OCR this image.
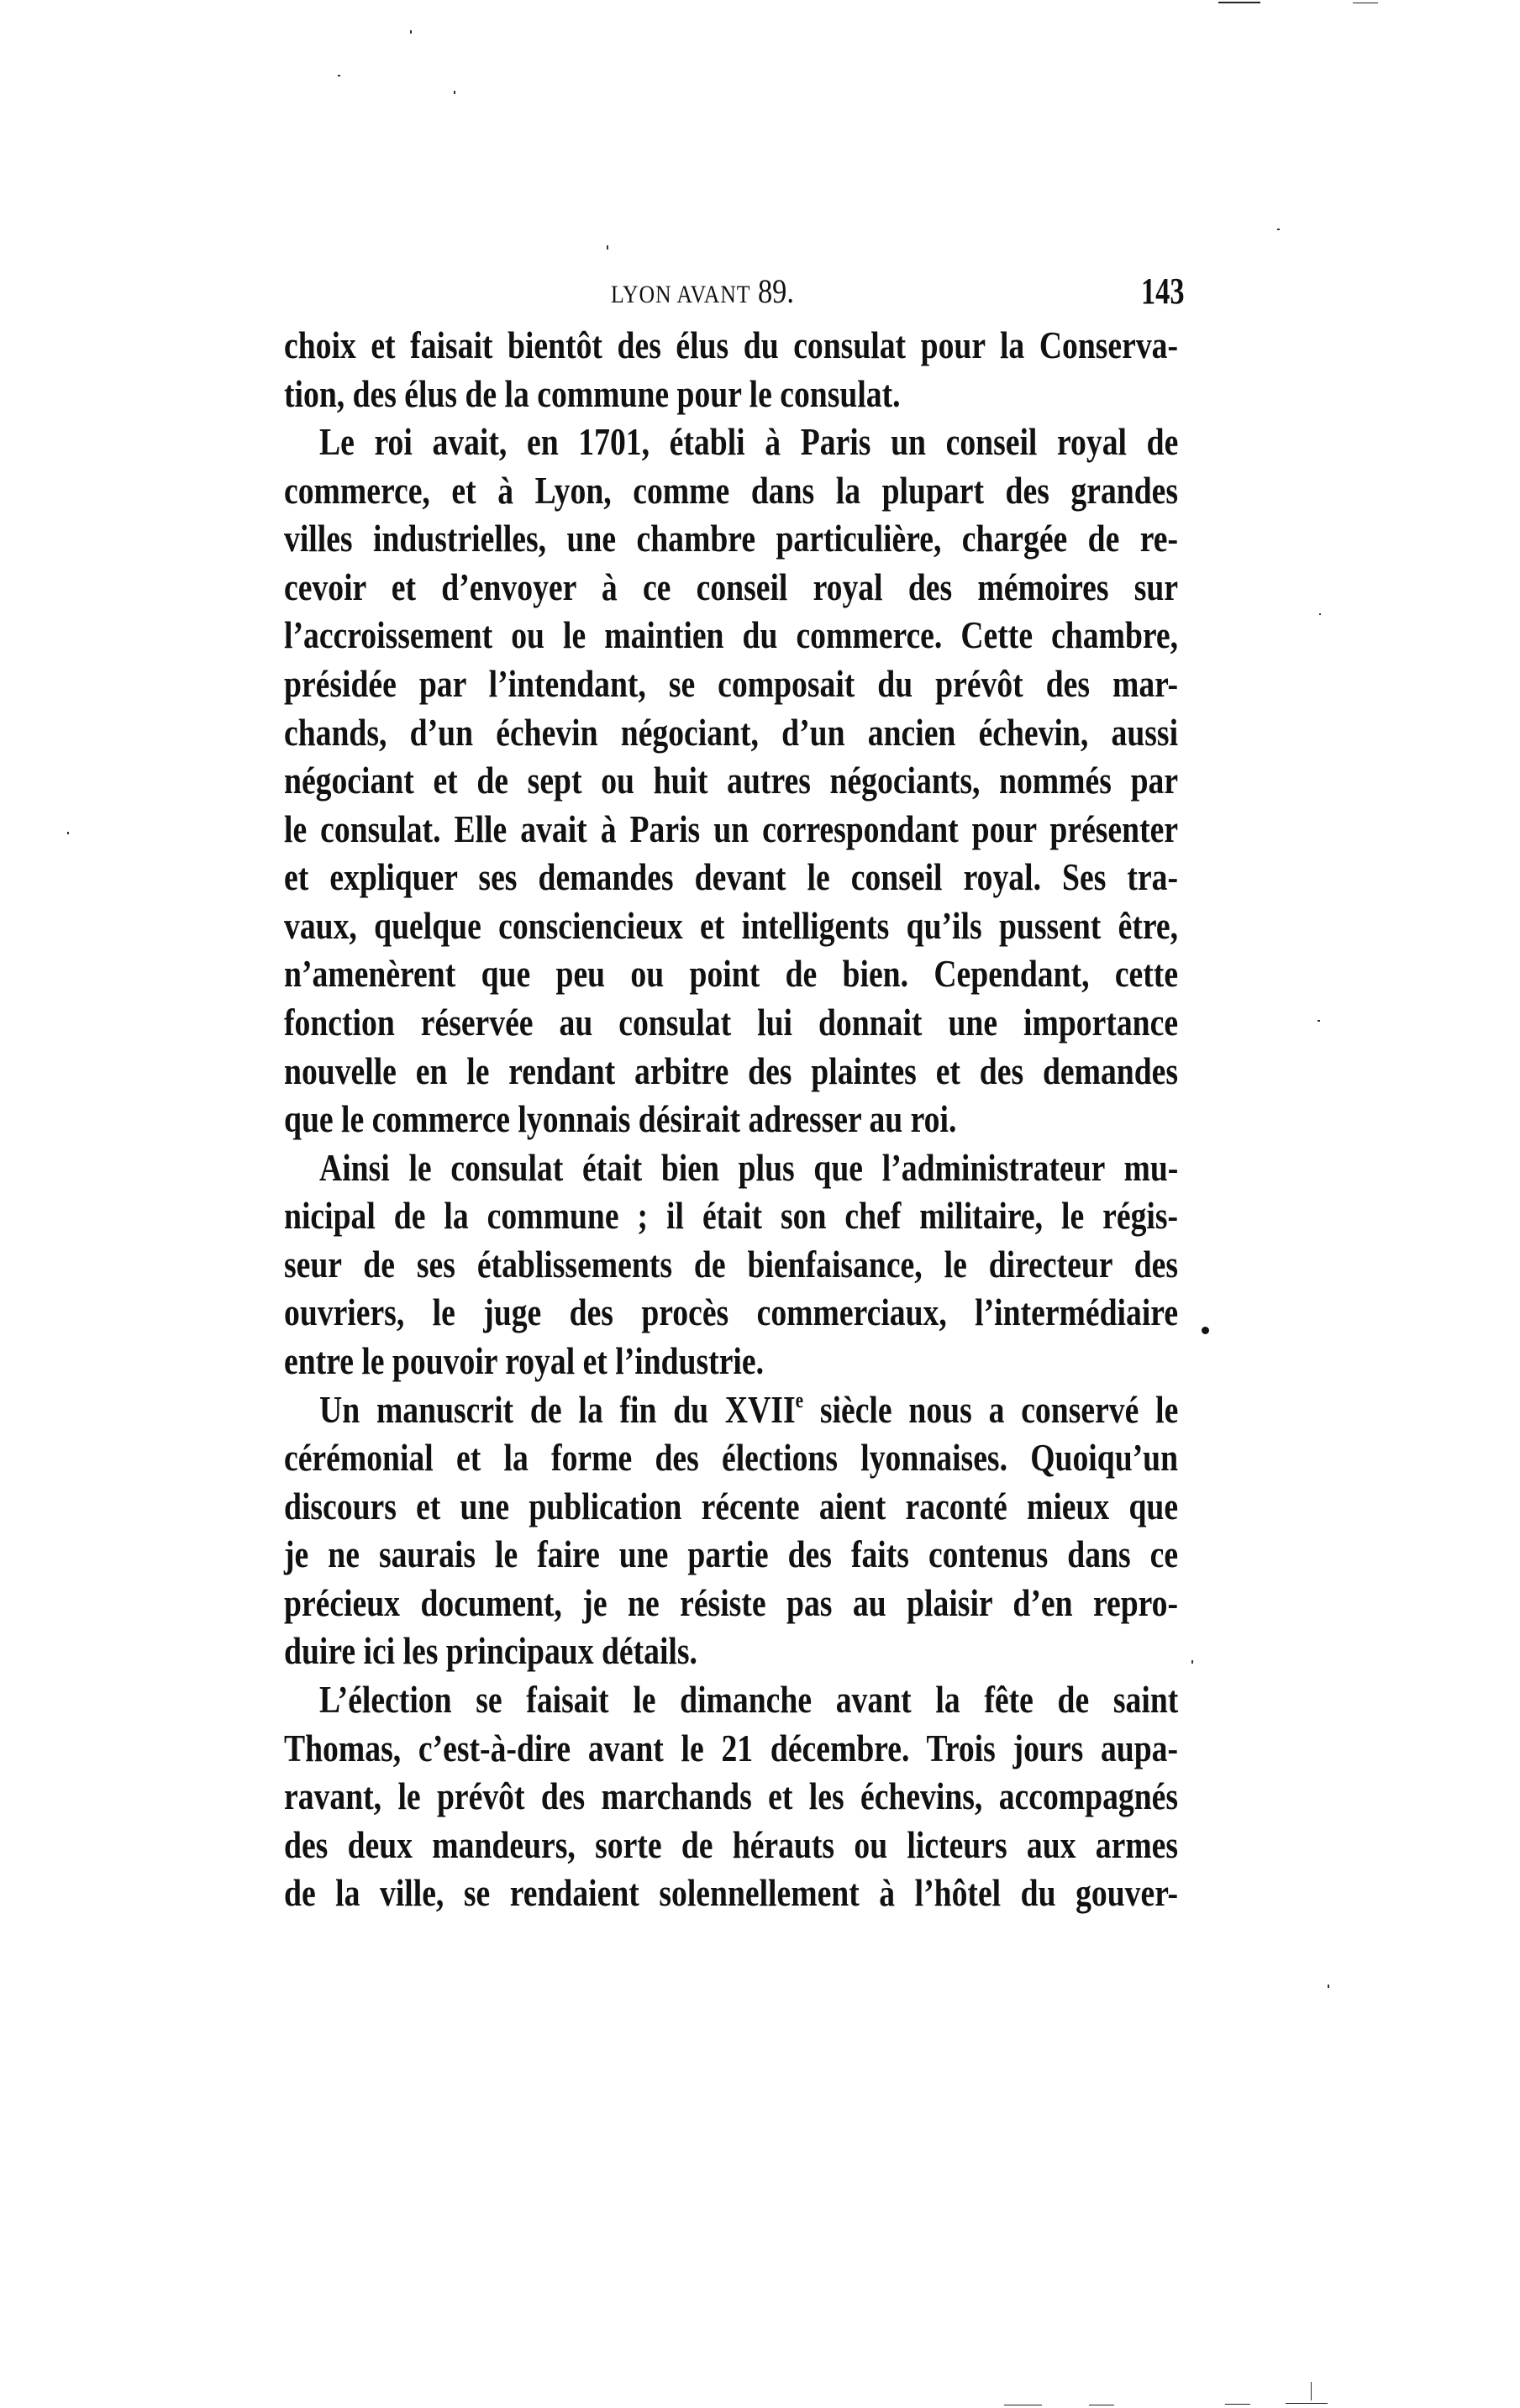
LYON AVANT 89.	143
choix et faisait bientôt des élus du consulat pour la Conserva-
tion, des élus de la commune pour le consulat.
Le roi avait, en 1701, établi à Paris un conseil royal de
commerce, et à Lyon, comme dans la plupart des grandes
villes industrielles, une chambre particulière, chargée de re-
cevoir et d’envoyer à ce conseil royal des mémoires sur
l’accroissement ou le maintien du commerce. Cette chambre,
présidée par l’intendant, se composait du prévôt des mar-
chands, d’un échevin négociant, d’un ancien échevin, aussi
négociant et de sept ou huit autres négociants, nommés par
le consulat. Elle avait à Paris un correspondant pour présenter
et expliquer ses demandes devant le conseil royal. Ses tra-
vaux, quelque consciencieux et intelligents qu’ils pussent être,
n’amenèrent que peu ou point de bien. Cependant, cette
fonction réservée au consulat lui donnait une importance
nouvelle en le rendant arbitre des plaintes et des demandes
que le commerce lyonnais désirait adresser au roi.
Ainsi le consulat était bien plus que l’administrateur mu-
nicipal de la commune ; il était son chef militaire, le régis-
seur de ses établissements de bienfaisance, le directeur des
ouvriers, le juge des procès commerciaux, l’intermédiaire
entre le pouvoir royal et l’industrie.
Un manuscrit de la fin du XVIIe siècle nous a conservé le
cérémonial et la forme des élections lyonnaises. Quoiqu’un
discours et une publication récente aient raconté mieux que
je ne saurais le faire une partie des faits contenus dans ce
précieux document, je ne résiste pas au plaisir d’en repro-
duire ici les principaux détails.
L’élection se faisait le dimanche avant la fête de saint
Thomas, c’est-à-dire avant le 21 décembre. Trois jours aupa-
ravant, le prévôt des marchands et les échevins, accompagnés
des deux mandeurs, sorte de hérauts ou licteurs aux armes
de la ville, se rendaient solennellement à l’hôtel du gouver-
